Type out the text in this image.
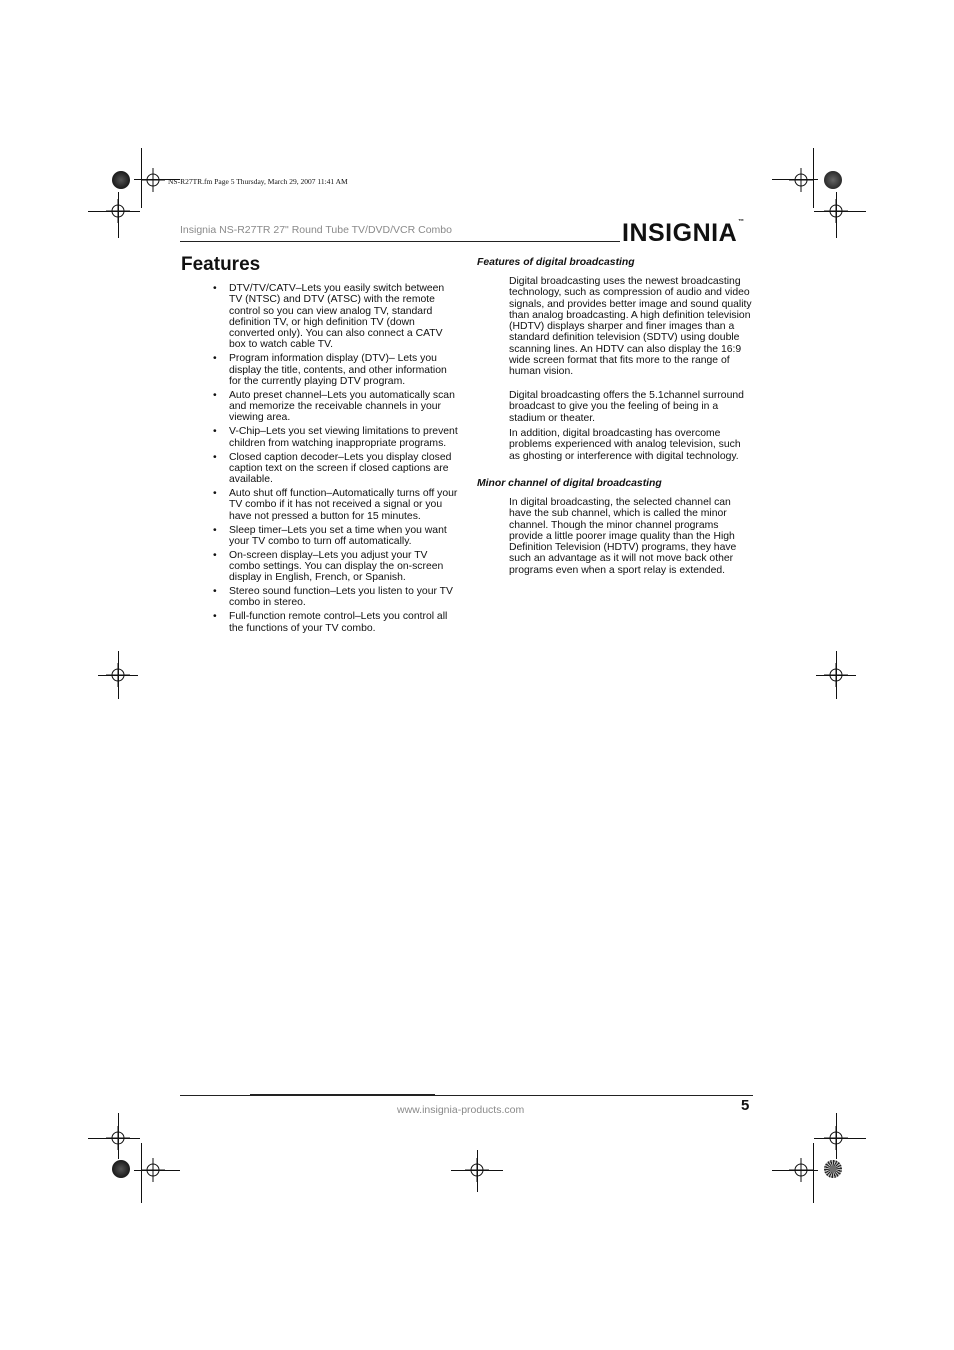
NS-R27TR.fm Page 5 Thursday, March 29, 2007 11:41 AM
Insignia NS-R27TR 27" Round Tube TV/DVD/VCR Combo	INSIGNIA™
Features
• DTV/TV/CATV–Lets you easily switch between TV (NTSC) and DTV (ATSC) with the remote control so you can view analog TV, standard definition TV, or high definition TV (down converted only). You can also connect a CATV box to watch cable TV.
• Program information display (DTV)– Lets you display the title, contents, and other information for the currently playing DTV program.
• Auto preset channel–Lets you automatically scan and memorize the receivable channels in your viewing area.
• V-Chip–Lets you set viewing limitations to prevent children from watching inappropriate programs.
• Closed caption decoder–Lets you display closed caption text on the screen if closed captions are available.
• Auto shut off function–Automatically turns off your TV combo if it has not received a signal or you have not pressed a button for 15 minutes.
• Sleep timer–Lets you set a time when you want your TV combo to turn off automatically.
• On-screen display–Lets you adjust your TV combo settings. You can display the on-screen display in English, French, or Spanish.
• Stereo sound function–Lets you listen to your TV combo in stereo.
• Full-function remote control–Lets you control all the functions of your TV combo.
Features of digital broadcasting

Digital broadcasting uses the newest broadcasting technology, such as compression of audio and video signals, and provides better image and sound quality than analog broadcasting. A high definition television (HDTV) displays sharper and finer images than a standard definition television (SDTV) using double scanning lines. An HDTV can also display the 16:9 wide screen format that fits more to the range of human vision.

Digital broadcasting offers the 5.1channel surround broadcast to give you the feeling of being in a stadium or theater.

In addition, digital broadcasting has overcome problems experienced with analog television, such as ghosting or interference with digital technology.

Minor channel of digital broadcasting

In digital broadcasting, the selected channel can have the sub channel, which is called the minor channel. Though the minor channel programs provide a little poorer image quality than the High Definition Television (HDTV) programs, they have such an advantage as it will not move back other programs even when a sport relay is extended.

www.insignia-products.com	5
